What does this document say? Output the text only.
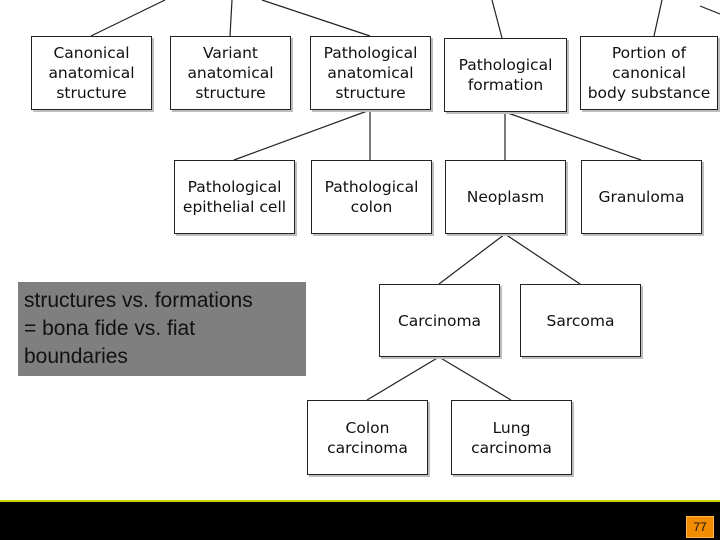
Canonical
anatomical
structure
Variant
anatomical
structure
Pathological
anatomical
structure
Pathological
formation
Portion of
canonical
body substance
Pathological
epithelial cell
Pathological
colon
Neoplasm	Granuloma
Carcinoma	Sarcoma
Colon
carcinoma
Lung
carcinoma
structures vs. formations
= bona fide vs. fiat
boundaries
77
